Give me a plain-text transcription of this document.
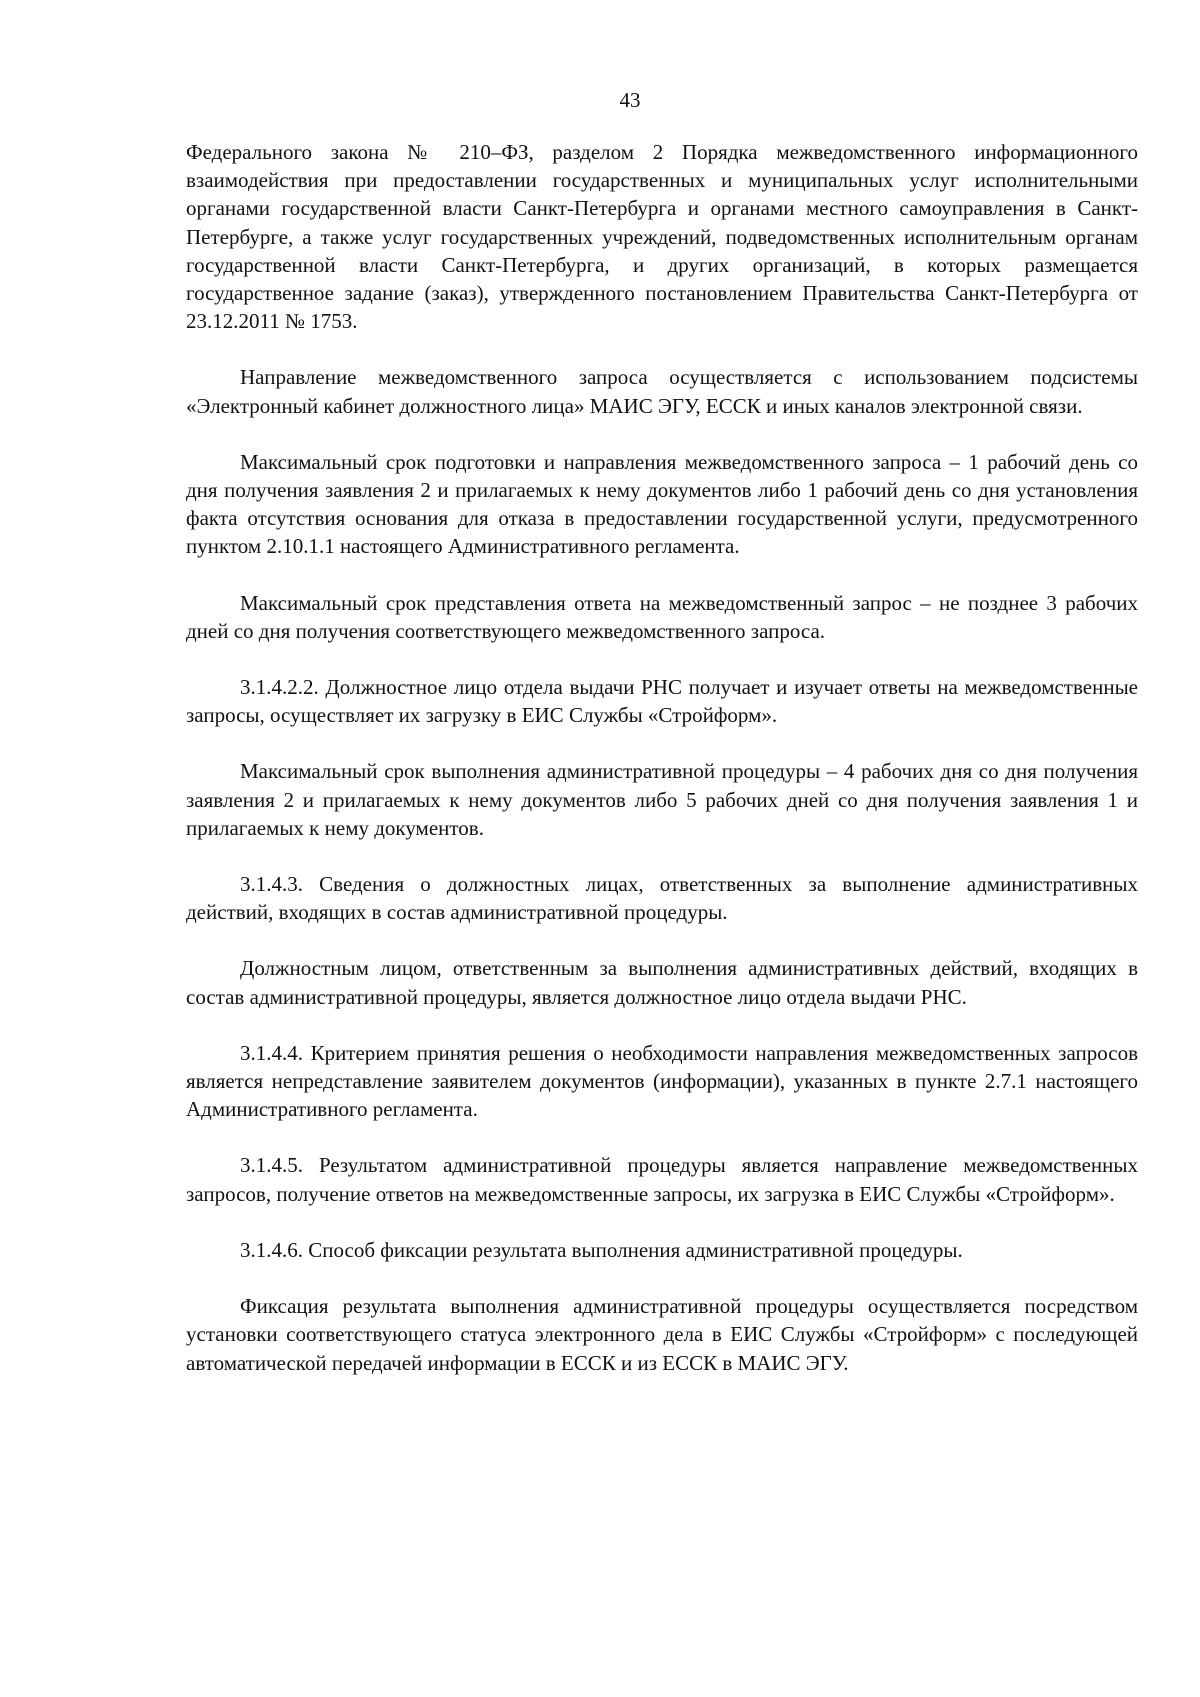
43

Федерального закона № 210–ФЗ, разделом 2 Порядка межведомственного информационного взаимодействия при предоставлении государственных и муниципальных услуг исполнительными органами государственной власти Санкт-Петербурга и органами местного самоуправления в Санкт-Петербурге, а также услуг государственных учреждений, подведомственных исполнительным органам государственной власти Санкт-Петербурга, и других организаций, в которых размещается государственное задание (заказ), утвержденного постановлением Правительства Санкт-Петербурга от 23.12.2011 № 1753.

Направление межведомственного запроса осуществляется с использованием подсистемы «Электронный кабинет должностного лица» МАИС ЭГУ, ЕССК и иных каналов электронной связи.

Максимальный срок подготовки и направления межведомственного запроса – 1 рабочий день со дня получения заявления 2 и прилагаемых к нему документов либо 1 рабочий день со дня установления факта отсутствия основания для отказа в предоставлении государственной услуги, предусмотренного пунктом 2.10.1.1 настоящего Административного регламента.

Максимальный срок представления ответа на межведомственный запрос – не позднее 3 рабочих дней со дня получения соответствующего межведомственного запроса.

3.1.4.2.2. Должностное лицо отдела выдачи РНС получает и изучает ответы на межведомственные запросы, осуществляет их загрузку в ЕИС Службы «Стройформ».

Максимальный срок выполнения административной процедуры – 4 рабочих дня со дня получения заявления 2 и прилагаемых к нему документов либо 5 рабочих дней со дня получения заявления 1 и прилагаемых к нему документов.

3.1.4.3. Сведения о должностных лицах, ответственных за выполнение административных действий, входящих в состав административной процедуры.

Должностным лицом, ответственным за выполнения административных действий, входящих в состав административной процедуры, является должностное лицо отдела выдачи РНС.

3.1.4.4. Критерием принятия решения о необходимости направления межведомственных запросов является непредставление заявителем документов (информации), указанных в пункте 2.7.1 настоящего Административного регламента.

3.1.4.5. Результатом административной процедуры является направление межведомственных запросов, получение ответов на межведомственные запросы, их загрузка в ЕИС Службы «Стройформ».

3.1.4.6. Способ фиксации результата выполнения административной процедуры.

Фиксация результата выполнения административной процедуры осуществляется посредством установки соответствующего статуса электронного дела в ЕИС Службы «Стройформ» с последующей автоматической передачей информации в ЕССК и из ЕССК в МАИС ЭГУ.
